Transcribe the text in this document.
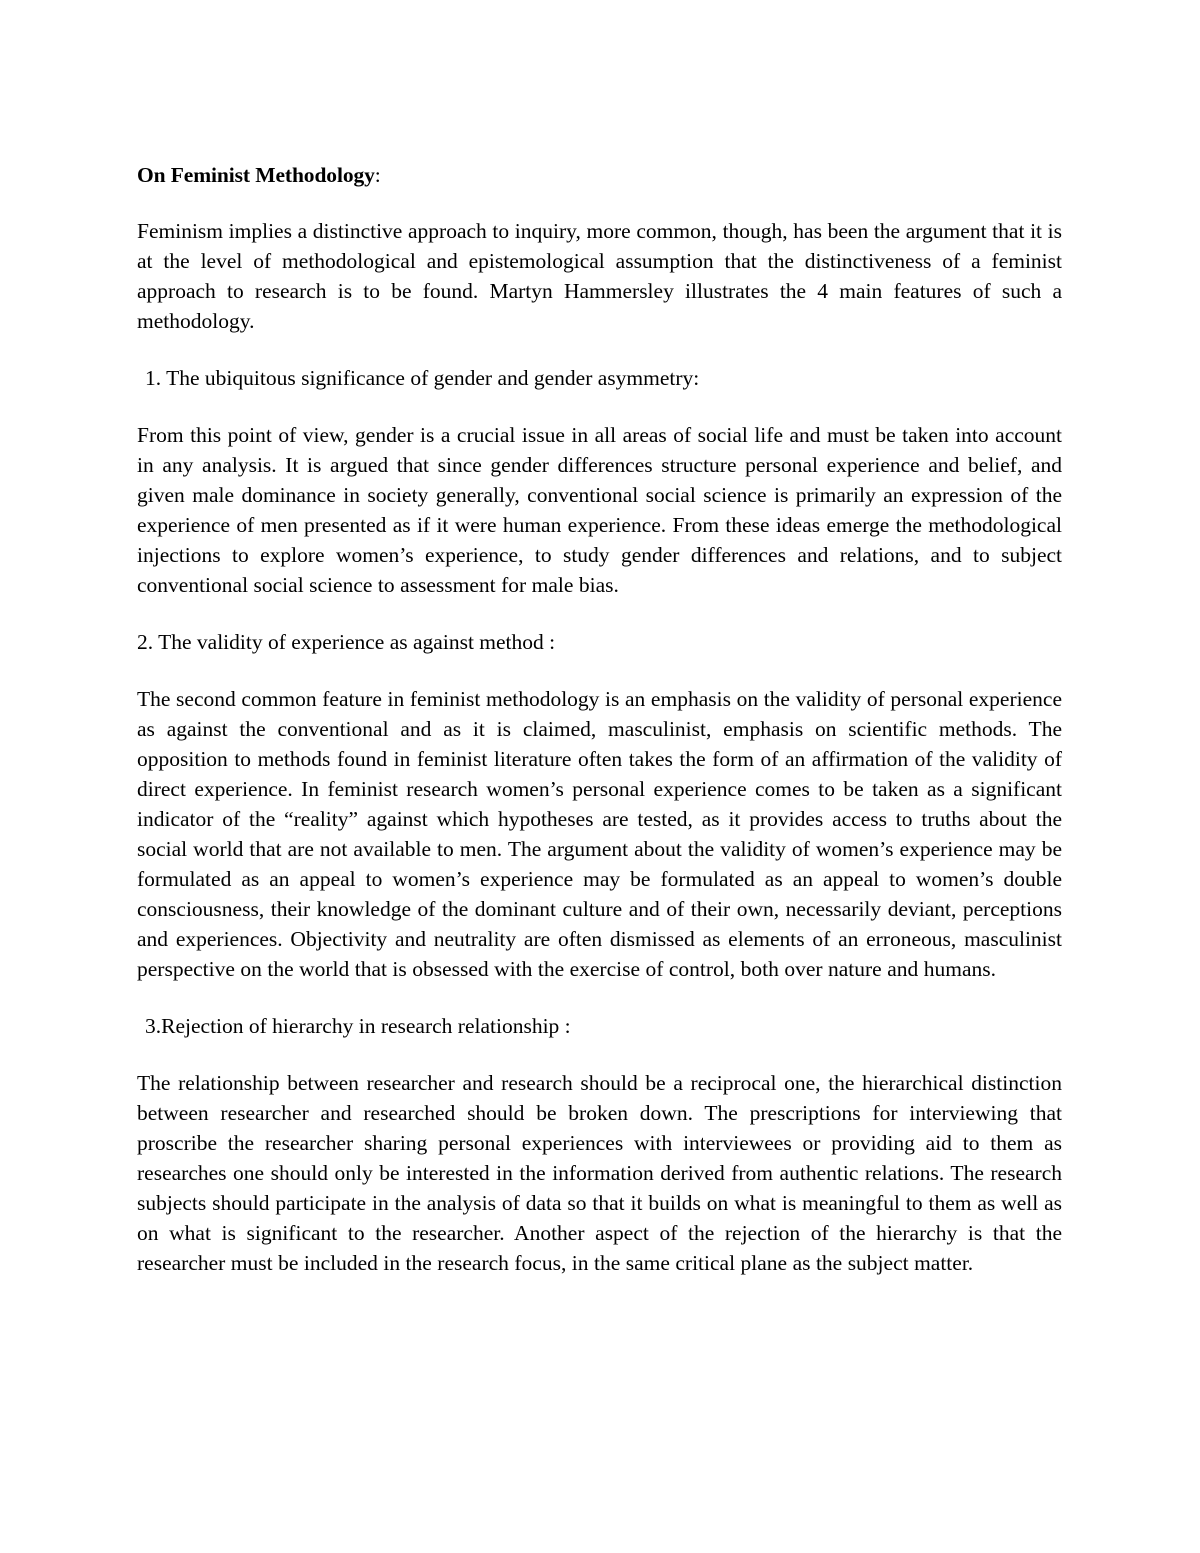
On Feminist Methodology:

Feminism implies a distinctive approach to inquiry, more common, though, has been the argument that it is at the level of methodological and epistemological assumption that the distinctiveness of a feminist approach to research is to be found. Martyn Hammersley illustrates the 4 main features of such a methodology.

1. The ubiquitous significance of gender and gender asymmetry:

From this point of view, gender is a crucial issue in all areas of social life and must be taken into account in any analysis. It is argued that since gender differences structure personal experience and belief, and given male dominance in society generally, conventional social science is primarily an expression of the experience of men presented as if it were human experience. From these ideas emerge the methodological injections to explore women’s experience, to study gender differences and relations, and to subject conventional social science to assessment for male bias.

2. The validity of experience as against method :

The second common feature in feminist methodology is an emphasis on the validity of personal experience as against the conventional and as it is claimed, masculinist, emphasis on scientific methods. The opposition to methods found in feminist literature often takes the form of an affirmation of the validity of direct experience. In feminist research women’s personal experience comes to be taken as a significant indicator of the “reality” against which hypotheses are tested, as it provides access to truths about the social world that are not available to men. The argument about the validity of women’s experience may be formulated as an appeal to women’s experience may be formulated as an appeal to women’s double consciousness, their knowledge of the dominant culture and of their own, necessarily deviant, perceptions and experiences. Objectivity and neutrality are often dismissed as elements of an erroneous, masculinist perspective on the world that is obsessed with the exercise of control, both over nature and humans.

3.Rejection of hierarchy in research relationship :

The relationship between researcher and research should be a reciprocal one, the hierarchical distinction between researcher and researched should be broken down. The prescriptions for interviewing that proscribe the researcher sharing personal experiences with interviewees or providing aid to them as researches one should only be interested in the information derived from authentic relations. The research subjects should participate in the analysis of data so that it builds on what is meaningful to them as well as on what is significant to the researcher. Another aspect of the rejection of the hierarchy is that the researcher must be included in the research focus, in the same critical plane as the subject matter.
